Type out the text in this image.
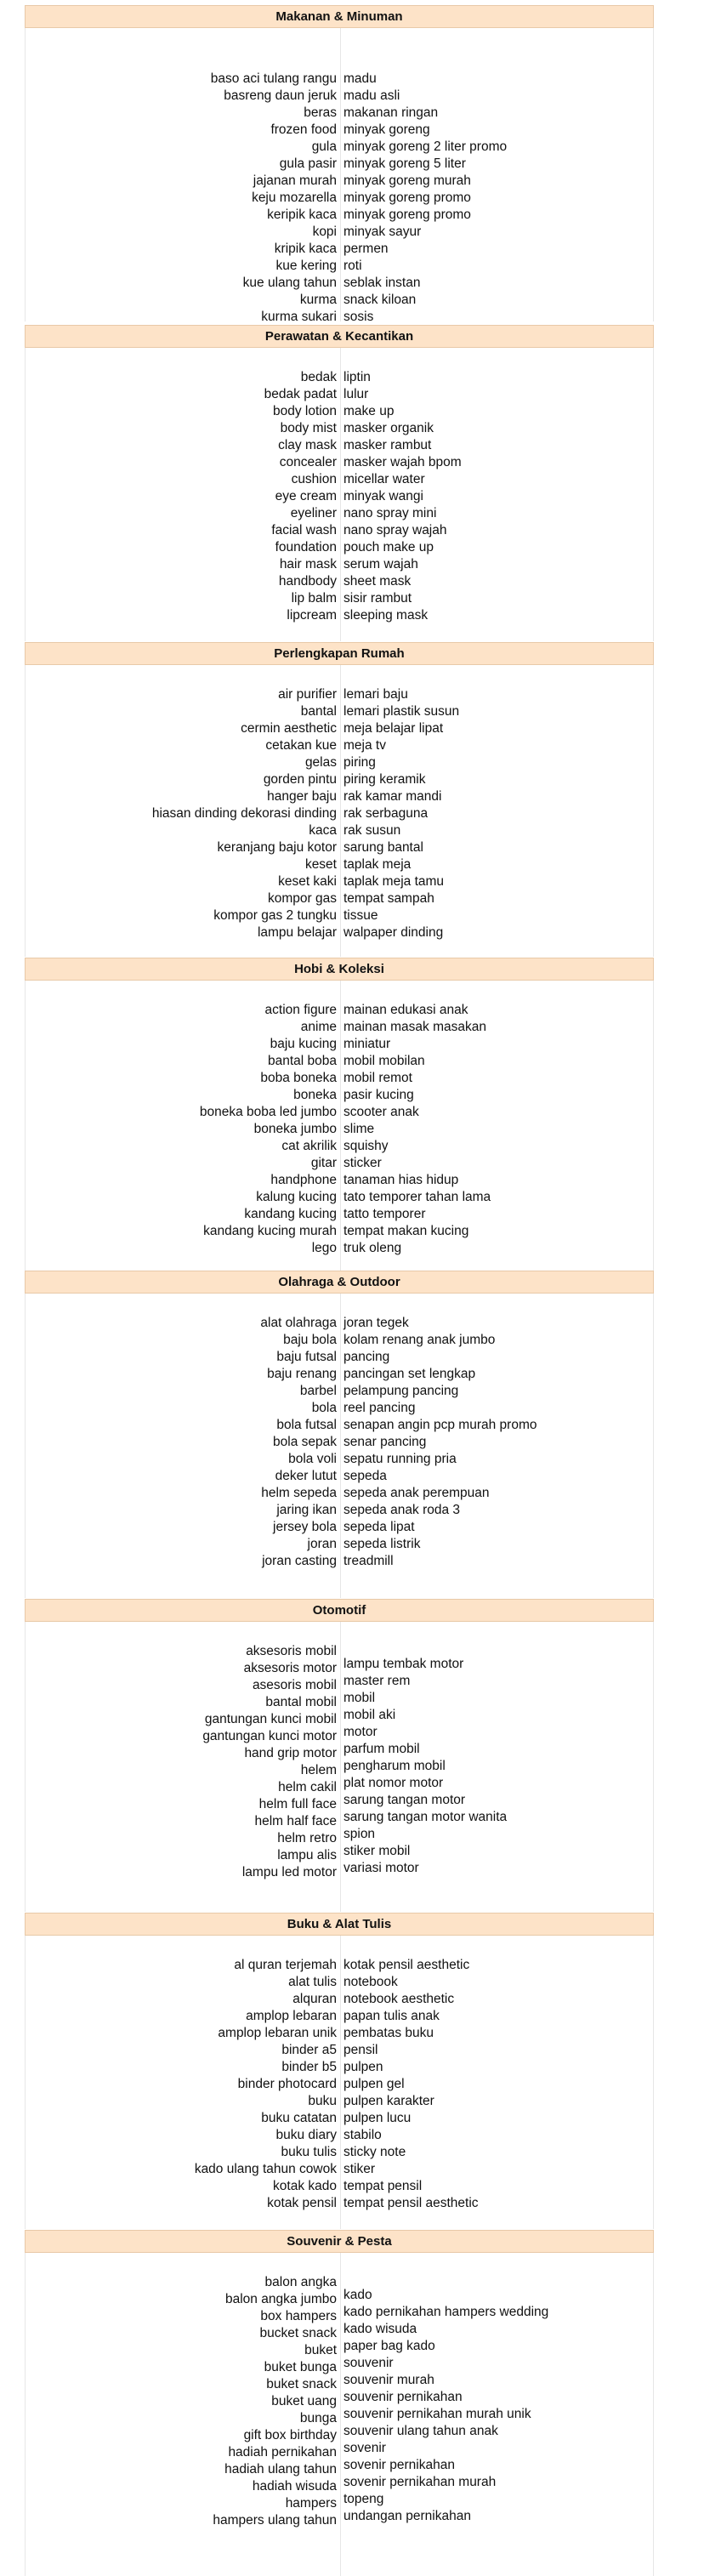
Makanan & Minuman
baso aci tulang rangu
basreng daun jeruk
beras
frozen food
gula
gula pasir
jajanan murah
keju mozarella
keripik kaca
kopi
kripik kaca
kue kering
kue ulang tahun
kurma
kurma sukari
madu
madu asli
makanan ringan
minyak goreng
minyak goreng 2 liter promo
minyak goreng 5 liter
minyak goreng murah
minyak goreng promo
minyak goreng promo
minyak sayur
permen
roti
seblak instan
snack kiloan
sosis
Perawatan & Kecantikan
bedak
bedak padat
body lotion
body mist
clay mask
concealer
cushion
eye cream
eyeliner
facial wash
foundation
hair mask
handbody
lip balm
lipcream
liptin
lulur
make up
masker organik
masker rambut
masker wajah bpom
micellar water
minyak wangi
nano spray mini
nano spray wajah
pouch make up
serum wajah
sheet mask
sisir rambut
sleeping mask
Perlengkapan Rumah
air purifier
bantal
cermin aesthetic
cetakan kue
gelas
gorden pintu
hanger baju
hiasan dinding dekorasi dinding
kaca
keranjang baju kotor
keset
keset kaki
kompor gas
kompor gas 2 tungku
lampu belajar
lemari baju
lemari plastik susun
meja belajar lipat
meja tv
piring
piring keramik
rak kamar mandi
rak serbaguna
rak susun
sarung bantal
taplak meja
taplak meja tamu
tempat sampah
tissue
walpaper dinding
Hobi & Koleksi
action figure
anime
baju kucing
bantal boba
boba boneka
boneka
boneka boba led jumbo
boneka jumbo
cat akrilik
gitar
handphone
kalung kucing
kandang kucing
kandang kucing murah
lego
mainan edukasi anak
mainan masak masakan
miniatur
mobil mobilan
mobil remot
pasir kucing
scooter anak
slime
squishy
sticker
tanaman hias hidup
tato temporer tahan lama
tatto temporer
tempat makan kucing
truk oleng
Olahraga & Outdoor
alat olahraga
baju bola
baju futsal
baju renang
barbel
bola
bola futsal
bola sepak
bola voli
deker lutut
helm sepeda
jaring ikan
jersey bola
joran
joran casting
joran tegek
kolam renang anak jumbo
pancing
pancingan set lengkap
pelampung pancing
reel pancing
senapan angin pcp murah promo
senar pancing
sepatu running pria
sepeda
sepeda anak perempuan
sepeda anak roda 3
sepeda lipat
sepeda listrik
treadmill
Otomotif
aksesoris mobil
aksesoris motor
asesoris mobil
bantal mobil
gantungan kunci mobil
gantungan kunci motor
hand grip motor
helem
helm cakil
helm full face
helm half face
helm retro
lampu alis
lampu led motor
lampu tembak motor
master rem
mobil
mobil aki
motor
parfum mobil
pengharum mobil
plat nomor motor
sarung tangan motor
sarung tangan motor wanita
spion
stiker mobil
variasi motor
Buku & Alat Tulis
al quran terjemah
alat tulis
alquran
amplop lebaran
amplop lebaran unik
binder a5
binder b5
binder photocard
buku
buku catatan
buku diary
buku tulis
kado ulang tahun cowok
kotak kado
kotak pensil
kotak pensil aesthetic
notebook
notebook aesthetic
papan tulis anak
pembatas buku
pensil
pulpen
pulpen gel
pulpen karakter
pulpen lucu
stabilo
sticky note
stiker
tempat pensil
tempat pensil aesthetic
Souvenir & Pesta
balon angka
balon angka jumbo
box hampers
bucket snack
buket
buket bunga
buket snack
buket uang
bunga
gift box birthday
hadiah pernikahan
hadiah ulang tahun
hadiah wisuda
hampers
hampers ulang tahun
kado
kado pernikahan hampers wedding
kado wisuda
paper bag kado
souvenir
souvenir murah
souvenir pernikahan
souvenir pernikahan murah unik
souvenir ulang tahun anak
sovenir
sovenir pernikahan
sovenir pernikahan murah
topeng
undangan pernikahan
